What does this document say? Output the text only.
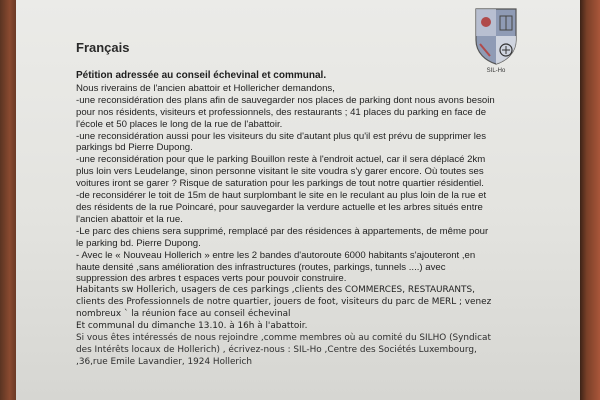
Français
SIL-Ho

Pétition adressée au conseil échevinal et communal.

Nous riverains de l'ancien abattoir et Hollericher demandons,

-une reconsidération des plans afin de sauvegarder nos places de parking dont nous avons besoin

pour nos résidents, visiteurs et professionnels, des restaurants ; 41 places du parking en face de

l'école et 50 places le long de la rue de l'abattoir.

-une reconsidération aussi pour les visiteurs du site d'autant plus qu'il est prévu de supprimer les

parkings bd Pierre Dupong.

-une reconsidération pour que le parking Bouillon reste à l'endroit actuel, car il sera déplacé 2km

plus loin vers Leudelange, sinon personne visitant le site voudra s'y garer encore. Où toutes ses

voitures iront se garer ? Risque de saturation pour les parkings de tout notre quartier résidentiel.

-de reconsidérer le toit de 15m de haut surplombant le site en le reculant au plus loin de la rue et

des résidents de la rue Poincaré, pour sauvegarder la verdure actuelle et les arbres situés entre

l'ancien abattoir et la rue.

-Le parc des chiens sera supprimé, remplacé par des résidences à appartements, de même pour

le parking bd. Pierre Dupong.

- Avec le « Nouveau Hollerich » entre les 2 bandes d'autoroute 6000 habitants s'ajouteront ,en

haute densité ,sans amélioration des infrastructures (routes, parkings, tunnels ....) avec

suppression des arbres t espaces verts pour pouvoir construire.

Habitants sw Hollerich, usagers de ces parkings ,clients des COMMERCES, RESTAURANTS,

clients des Professionnels de notre quartier, jouers de foot, visiteurs du parc de MERL ; venez

nombreux ` la réunion face au conseil échevinal

Et communal du dimanche 13.10. à 16h à l'abattoir.

Si vous êtes intéressés de nous rejoindre ,comme membres où au comité du SILHO (Syndicat

des Intérêts locaux de Hollerich) , écrivez-nous : SIL-Ho ,Centre des Sociétés Luxembourg,

,36,rue Emile Lavandier, 1924 Hollerich
